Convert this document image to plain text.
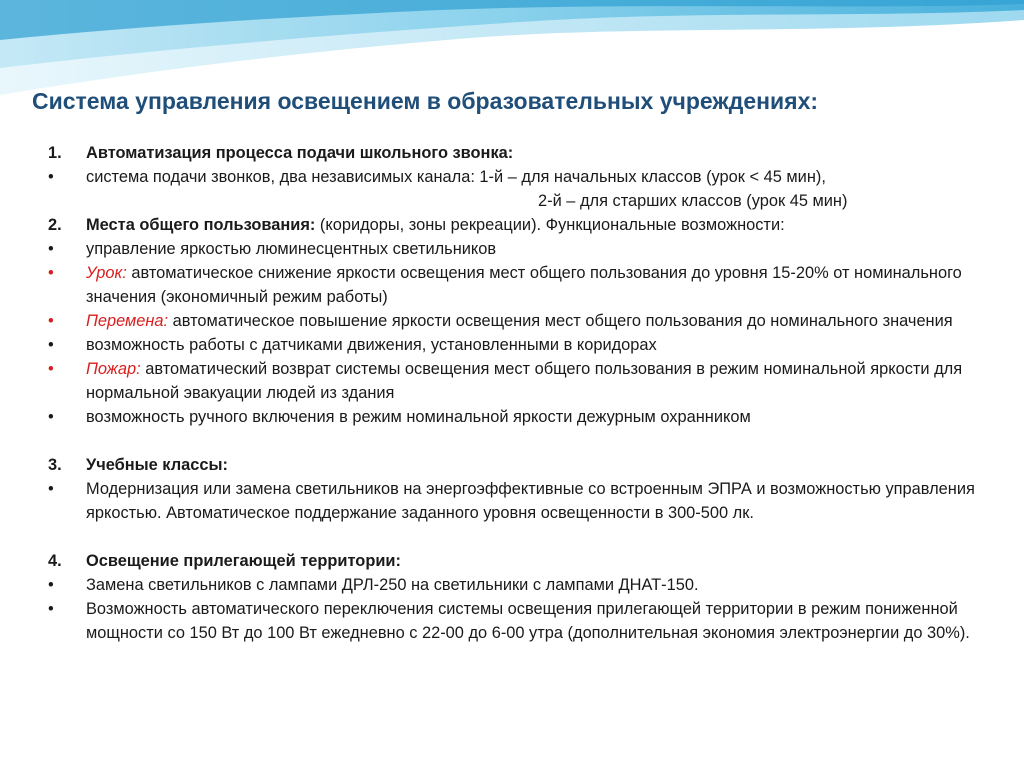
Система управления освещением в образовательных учреждениях:
1. Автоматизация процесса подачи школьного звонка:
• система подачи звонков, два независимых канала: 1-й – для начальных классов (урок < 45 мин),
2-й – для старших классов (урок 45 мин)
2. Места общего пользования: (коридоры, зоны рекреации). Функциональные возможности:
• управление яркостью люминесцентных светильников
• Урок: автоматическое снижение яркости освещения мест общего пользования до уровня 15-20% от номинального значения (экономичный режим работы)
• Перемена: автоматическое повышение яркости освещения мест общего пользования до номинального значения
• возможность работы с датчиками движения, установленными в коридорах
• Пожар: автоматический возврат системы освещения мест общего пользования в режим номинальной яркости для нормальной эвакуации людей из здания
• возможность ручного включения в режим номинальной яркости дежурным охранником
3. Учебные классы:
• Модернизация или замена светильников на энергоэффективные со встроенным ЭПРА и возможностью управления яркостью. Автоматическое поддержание заданного уровня освещенности в 300-500 лк.
4. Освещение прилегающей территории:
• Замена светильников с лампами ДРЛ-250 на светильники с лампами ДНАТ-150.
• Возможность автоматического переключения системы освещения прилегающей территории в режим пониженной мощности со 150 Вт до 100 Вт ежедневно с 22-00 до 6-00 утра (дополнительная экономия электроэнергии до 30%).
